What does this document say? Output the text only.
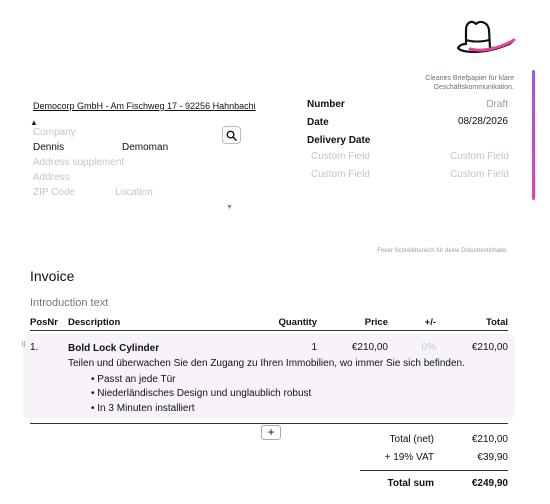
Cleanes Briefpapier für klare Geschäftskommunikation.
Democorp GmbH - Am Fischweg 17 - 92256 Hahnbachi
▲
Company
Dennis	Demoman
Address supplement
Address
ZIP Code	Location
▼
Number	Draft
Date	08/28/2026
Delivery Date
Custom Field	Custom Field
Custom Field	Custom Field
Freier Schreibbereich für deine Dokumentinhalte.
Invoice
Introduction text
PosNr Description	Quantity	Price	+/-	Total
⠿ 1.	Bold Lock Cylinder	1	€210,00	0%	€210,00
Teilen und überwachen Sie den Zugang zu Ihren Immobilien, wo immer Sie sich befinden.
• Passt an jede Tür
• Niederländisches Design und unglaublich robust
• In 3 Minuten installiert
+
Total (net)	€210,00
+ 19% VAT	€39,90
Total sum	€249,90
